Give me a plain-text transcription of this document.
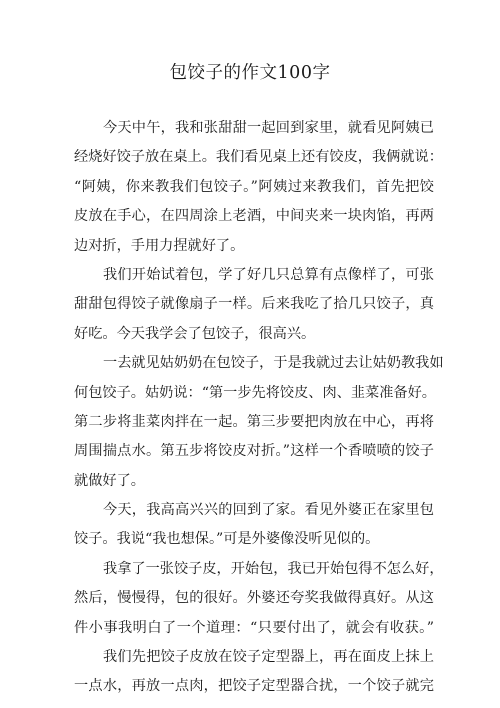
包饺子的作文100字
今天中午，我和张甜甜一起回到家里，就看见阿姨已
经烧好饺子放在桌上。我们看见桌上还有饺皮，我俩就说：
“阿姨，你来教我们包饺子。”阿姨过来教我们，首先把饺
皮放在手心，在四周涂上老酒，中间夹来一块肉馅，再两
边对折，手用力捏就好了。
我们开始试着包，学了好几只总算有点像样了，可张
甜甜包得饺子就像扇子一样。后来我吃了拾几只饺子，真
好吃。今天我学会了包饺子，很高兴。
一去就见姑奶奶在包饺子，于是我就过去让姑奶教我如
何包饺子。姑奶说：“第一步先将饺皮、肉、韭菜准备好。
第二步将韭菜肉拌在一起。第三步要把肉放在中心，再将
周围揣点水。第五步将饺皮对折。”这样一个香喷喷的饺子
就做好了。
今天，我高高兴兴的回到了家。看见外婆正在家里包
饺子。我说“我也想保。”可是外婆像没听见似的。
我拿了一张饺子皮，开始包，我已开始包得不怎么好，
然后，慢慢得，包的很好。外婆还夸奖我做得真好。从这
件小事我明白了一个道理：“只要付出了，就会有收获。”
我们先把饺子皮放在饺子定型器上，再在面皮上抹上
一点水，再放一点肉，把饺子定型器合扰，一个饺子就完
